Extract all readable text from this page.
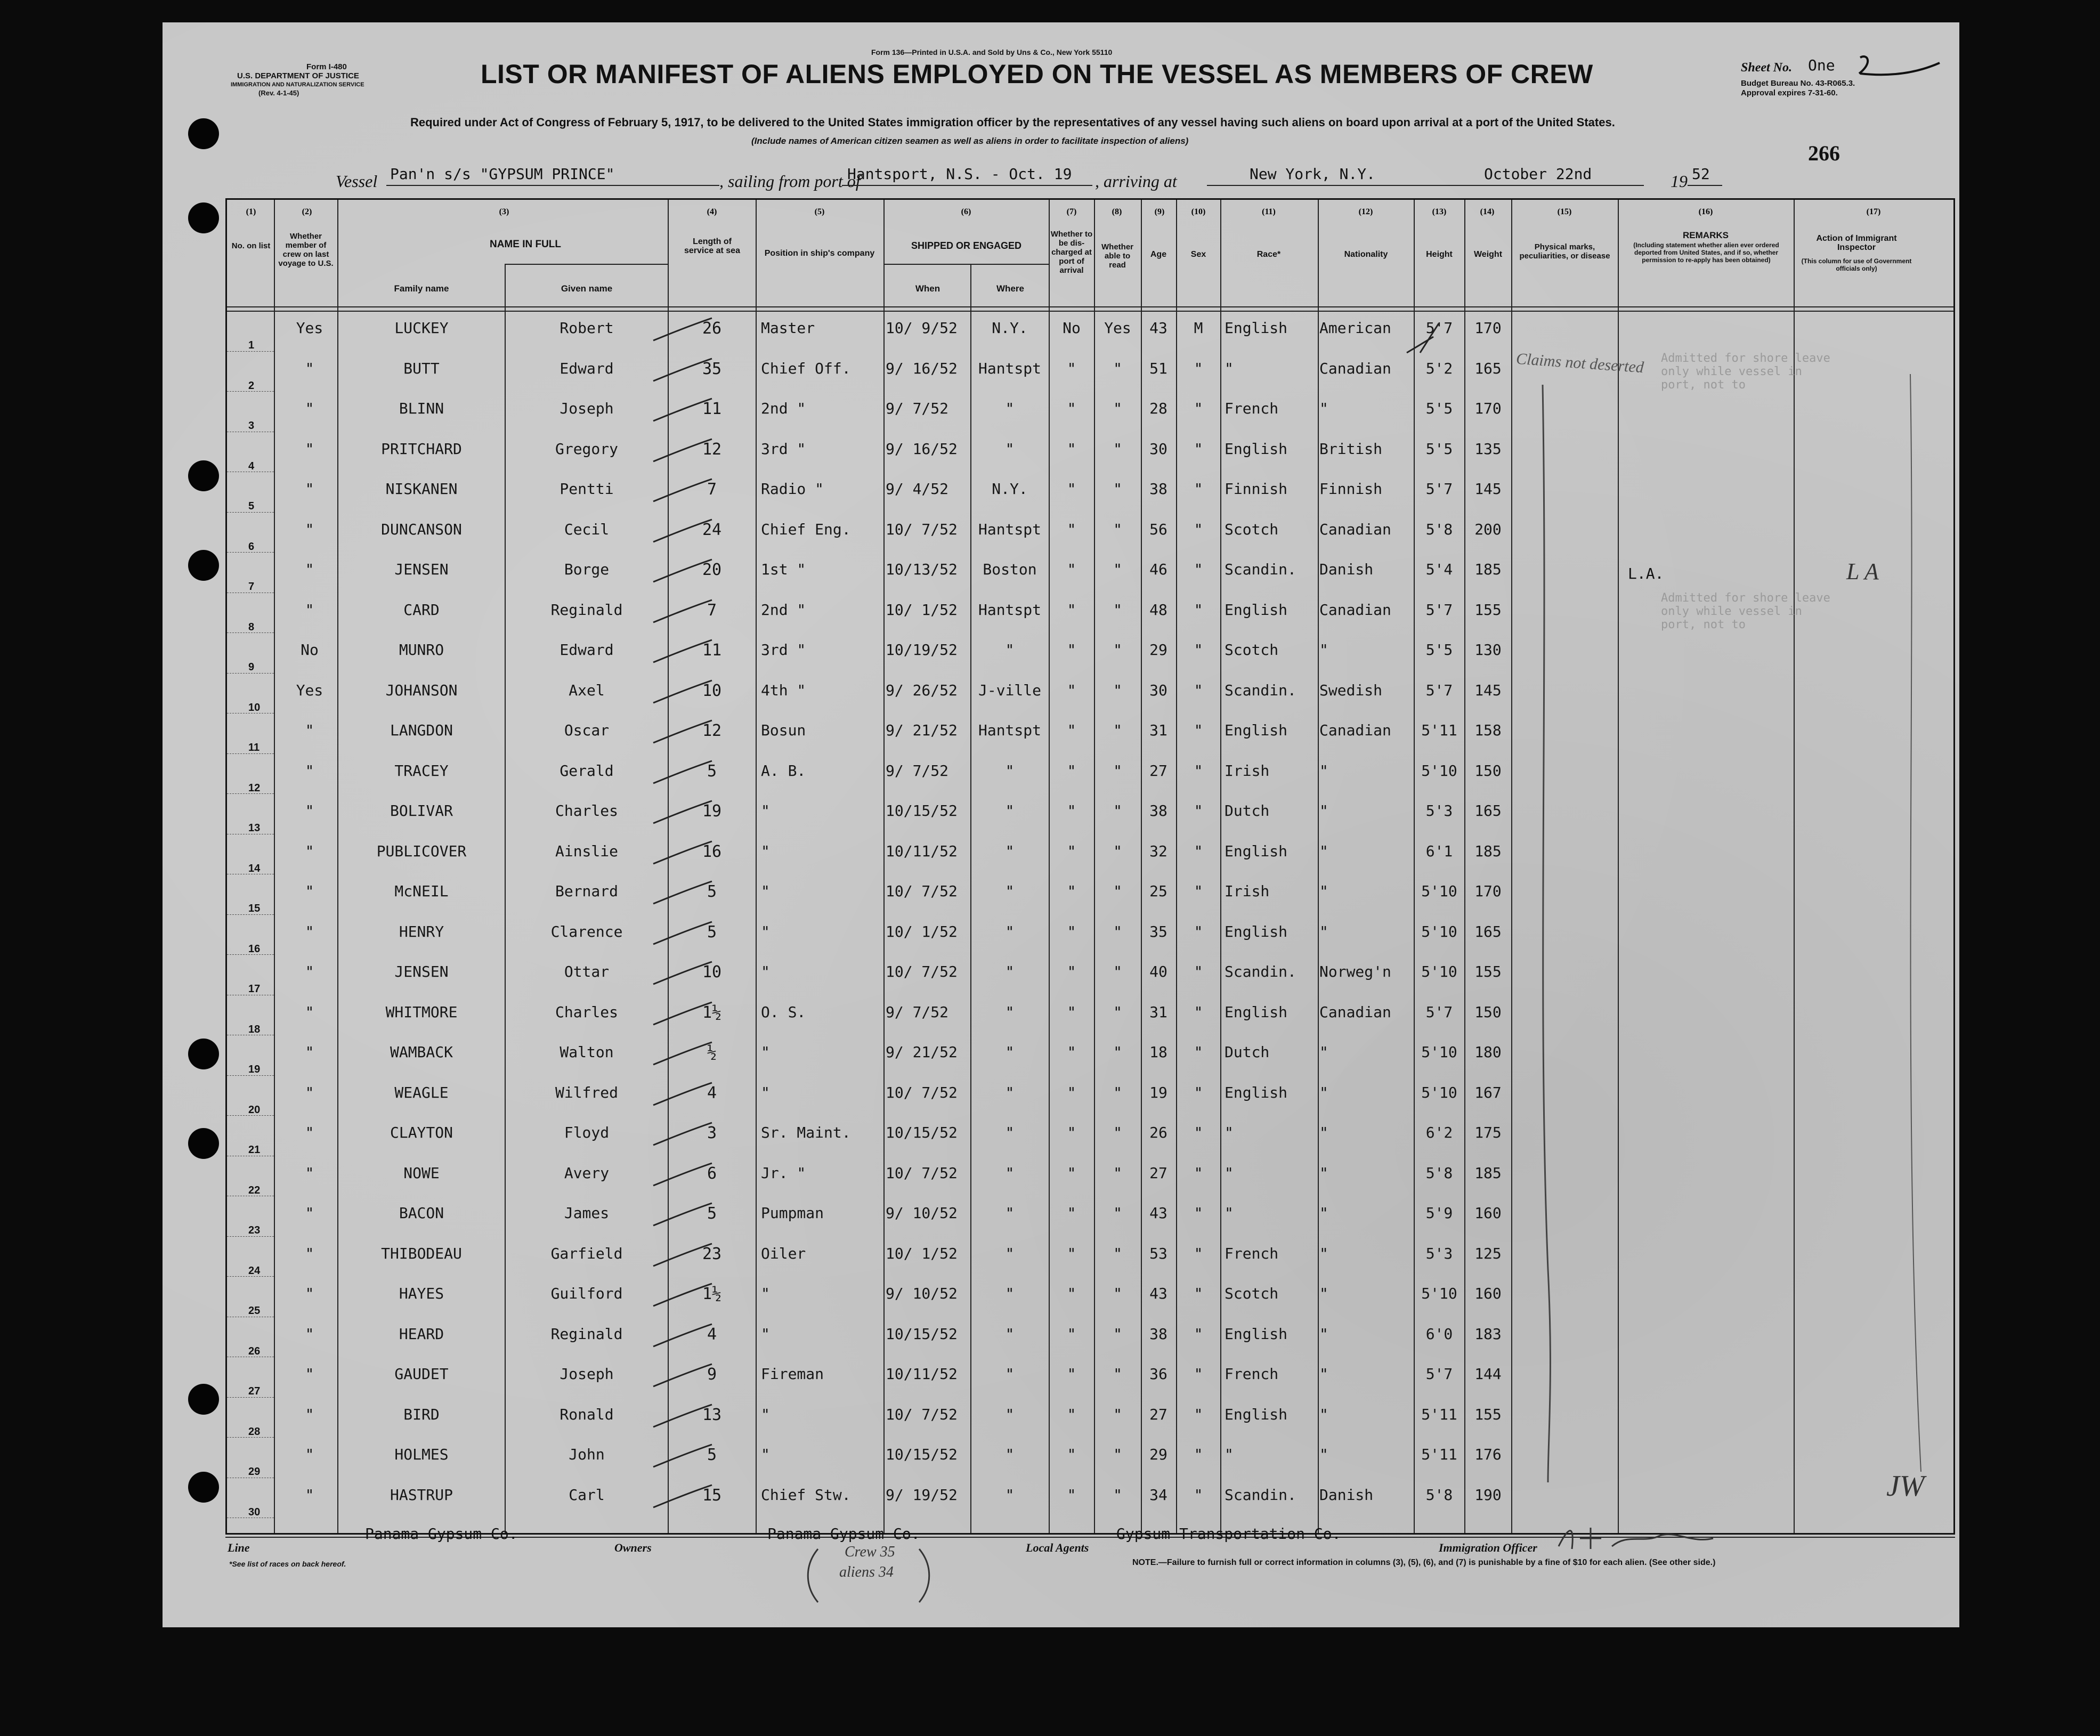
Form I-480
U.S. DEPARTMENT OF JUSTICE
IMMIGRATION AND NATURALIZATION SERVICE
(Rev. 4-1-45)
Form 136—Printed in U.S.A. and Sold by Uns & Co., New York 55110
LIST OR MANIFEST OF ALIENS EMPLOYED ON THE VESSEL AS MEMBERS OF CREW
Required under Act of Congress of February 5, 1917, to be delivered to the United States immigration officer by the representatives of any vessel having such aliens on board upon arrival at a port of the United States.
(Include names of American citizen seamen as well as aliens in order to facilitate inspection of aliens)
Sheet No. One
Budget Bureau No. 43-R065.3.
Approval expires 7-31-60.
266
Vessel Pan'n s/s "GYPSUM PRINCE"	, sailing from port of
Hantsport, N.S. - Oct. 19 , arriving at	New York, N.Y.	October 22nd	19 52
(1)	(2)	(3)	(4)	(5)	(6)	(7)	(8)	(9)	(10)	(11)	(12)	(13)	(14)	(15)	(16)	(17)
No. on list
Whether member of crew on last voyage to U.S.
NAME IN FULL
Family name	Given name
Length of service at sea	Position in ship's company
SHIPPED OR ENGAGED
When	Where
Whether to be dis-charged at port of arrival
Whether able to read
Age	Sex	Race*	Nationality	Height	Weight
Physical marks, peculiarities, or disease
REMARKS
(Including statement whether alien ever ordered deported from United States, and if so, whether permission to re-apply has been obtained)
Action of Immigrant Inspector
(This column for use of Government officials only)
1
Yes	LUCKEY	Robert	26	Master	10/ 9/52	N.Y.	No	Yes	43	M	English	American	5'7	170
2
"	BUTT	Edward	35	Chief Off.	9/ 16/52	Hantspt	"	"	51	"	"	Canadian	5'2	165
3
"	BLINN	Joseph	11	2nd "	9/ 7/52	"	"	"	28	"	French	"	5'5	170
4
"	PRITCHARD	Gregory	12	3rd "	9/ 16/52	"	"	"	30	"	English	British	5'5	135
5
"	NISKANEN	Pentti	7	Radio "	9/ 4/52	N.Y.	"	"	38	"	Finnish	Finnish	5'7	145
6
"	DUNCANSON	Cecil	24	Chief Eng.	10/ 7/52	Hantspt	"	"	56	"	Scotch	Canadian	5'8	200
7
"	JENSEN	Borge	20	1st "	10/13/52	Boston	"	"	46	"	Scandin.	Danish	5'4	185
8
"	CARD	Reginald	7	2nd "	10/ 1/52	Hantspt	"	"	48	"	English	Canadian	5'7	155
9
No	MUNRO	Edward	11	3rd "	10/19/52	"	"	"	29	"	Scotch	"	5'5	130
10
Yes	JOHANSON	Axel	10	4th "	9/ 26/52	J-ville	"	"	30	"	Scandin.	Swedish	5'7	145
11
"	LANGDON	Oscar	12	Bosun	9/ 21/52	Hantspt	"	"	31	"	English	Canadian	5'11	158
12
"	TRACEY	Gerald	5	A. B.	9/ 7/52	"	"	"	27	"	Irish	"	5'10	150
13
"	BOLIVAR	Charles	19	"	10/15/52	"	"	"	38	"	Dutch	"	5'3	165
14
"	PUBLICOVER	Ainslie	16	"	10/11/52	"	"	"	32	"	English	"	6'1	185
15
"	McNEIL	Bernard	5	"	10/ 7/52	"	"	"	25	"	Irish	"	5'10	170
16
"	HENRY	Clarence	5	"	10/ 1/52	"	"	"	35	"	English	"	5'10	165
17
"	JENSEN	Ottar	10	"	10/ 7/52	"	"	"	40	"	Scandin.	Norweg'n	5'10	155
18
"	WHITMORE	Charles	1½	O. S.	9/ 7/52	"	"	"	31	"	English	Canadian	5'7	150
19
"	WAMBACK	Walton	½	"	9/ 21/52	"	"	"	18	"	Dutch	"	5'10	180
20
"	WEAGLE	Wilfred	4	"	10/ 7/52	"	"	"	19	"	English	"	5'10	167
21
"	CLAYTON	Floyd	3	Sr. Maint.	10/15/52	"	"	"	26	"	"	"	6'2	175
22
"	NOWE	Avery	6	Jr. "	10/ 7/52	"	"	"	27	"	"	"	5'8	185
23
"	BACON	James	5	Pumpman	9/ 10/52	"	"	"	43	"	"	"	5'9	160
24
"	THIBODEAU	Garfield	23	Oiler	10/ 1/52	"	"	"	53	"	French	"	5'3	125
25
"	HAYES	Guilford	1½	"	9/ 10/52	"	"	"	43	"	Scotch	"	5'10	160
26
"	HEARD	Reginald	4	"	10/15/52	"	"	"	38	"	English	"	6'0	183
27
"	GAUDET	Joseph	9	Fireman	10/11/52	"	"	"	36	"	French	"	5'7	144
28
"	BIRD	Ronald	13	"	10/ 7/52	"	"	"	27	"	English	"	5'11	155
29
"	HOLMES	John	5	"	10/15/52	"	"	"	29	"	"	"	5'11	176
30
"	HASTRUP	Carl	15	Chief Stw.	9/ 19/52	"	"	"	34	"	Scandin.	Danish	5'8	190
Claims not deserted Admitted for shore leave only while vessel in port, not to
L.A.	L A
Admitted for shore leave only while vessel in port, not to
JW
Line
Panama Gypsum Co.
Owners
Panama Gypsum Co.
Local Agents
Gypsum Transportation Co.
Immigration Officer
*See list of races on back hereof.	NOTE.—Failure to furnish full or correct information in columns (3), (5), (6), and (7) is punishable by a fine of $10 for each alien. (See other side.)
Crew 35
aliens 34
